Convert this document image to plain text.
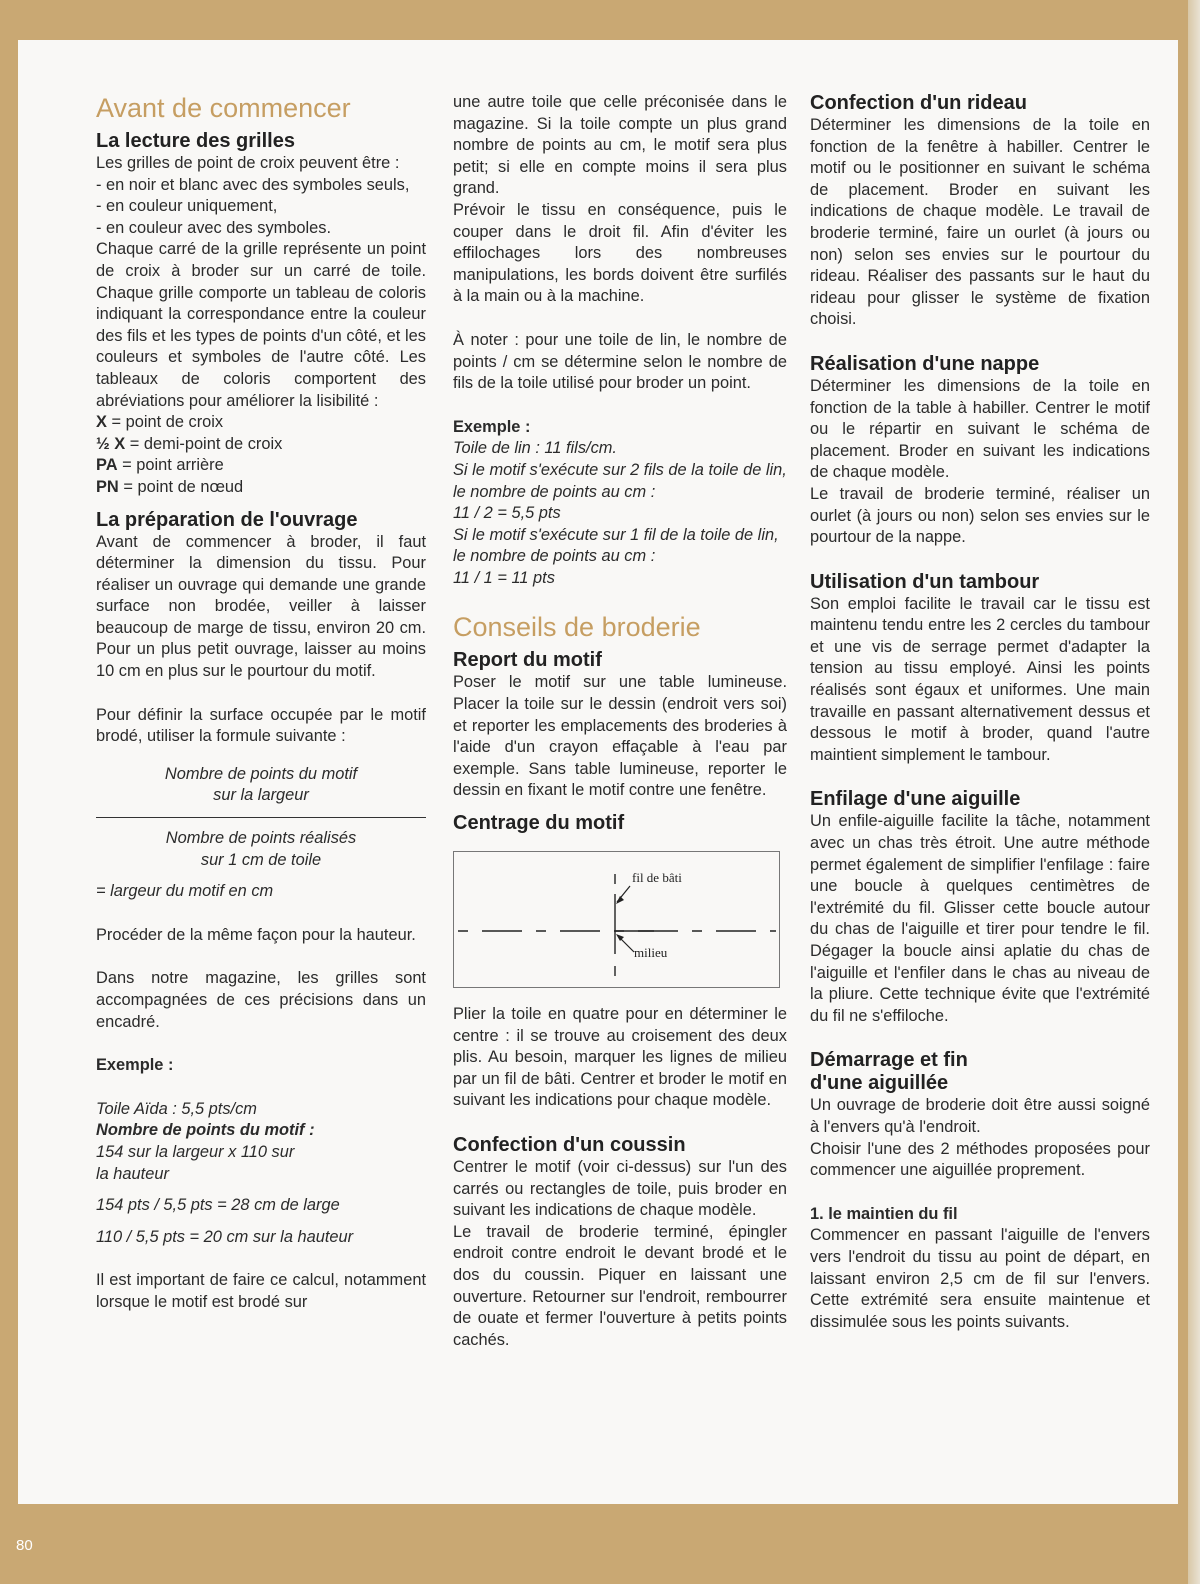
Avant de commencer
La lecture des grilles

Les grilles de point de croix peuvent être :

- en noir et blanc avec des symboles seuls,

- en couleur uniquement,

- en couleur avec des symboles.

Chaque carré de la grille représente un point de croix à broder sur un carré de toile. Chaque grille comporte un tableau de coloris indiquant la correspondance entre la couleur des fils et les types de points d'un côté, et les couleurs et symboles de l'autre côté. Les tableaux de coloris comportent des abréviations pour améliorer la lisibilité :

X = point de croix

½ X = demi-point de croix

PA = point arrière

PN = point de nœud

La préparation de l'ouvrage

Avant de commencer à broder, il faut déterminer la dimension du tissu. Pour réaliser un ouvrage qui demande une grande surface non brodée, veiller à laisser beaucoup de marge de tissu, environ 20 cm. Pour un plus petit ouvrage, laisser au moins 10 cm en plus sur le pourtour du motif.

Pour définir la surface occupée par le motif brodé, utiliser la formule suivante :

Nombre de points du motif
sur la largeur
Nombre de points réalisés
sur 1 cm de toile

= largeur du motif en cm

Procéder de la même façon pour la hauteur.

Dans notre magazine, les grilles sont accompagnées de ces précisions dans un encadré.

Exemple :

Toile Aïda : 5,5 pts/cm

Nombre de points du motif :

154 sur la largeur x 110 sur

la hauteur

154 pts / 5,5 pts = 28 cm de large

110 / 5,5 pts = 20 cm sur la hauteur

Il est important de faire ce calcul, notamment lorsque le motif est brodé sur

une autre toile que celle préconisée dans le magazine. Si la toile compte un plus grand nombre de points au cm, le motif sera plus petit; si elle en compte moins il sera plus grand.

Prévoir le tissu en conséquence, puis le couper dans le droit fil. Afin d'éviter les effilochages lors des nombreuses manipulations, les bords doivent être surfilés à la main ou à la machine.

À noter : pour une toile de lin, le nombre de points / cm se détermine selon le nombre de fils de la toile utilisé pour broder un point.

Exemple :

Toile de lin : 11 fils/cm.

Si le motif s'exécute sur 2 fils de la toile de lin, le nombre de points au cm :

11 / 2 = 5,5 pts

Si le motif s'exécute sur 1 fil de la toile de lin, le nombre de points au cm :

11 / 1 = 11 pts

Conseils de broderie
Report du motif

Poser le motif sur une table lumineuse. Placer la toile sur le dessin (endroit vers soi) et reporter les emplacements des broderies à l'aide d'un crayon effaçable à l'eau par exemple. Sans table lumineuse, reporter le dessin en fixant le motif contre une fenêtre.

Centrage du motif
fil de bâti
milieu

Plier la toile en quatre pour en déterminer le centre : il se trouve au croisement des deux plis. Au besoin, marquer les lignes de milieu par un fil de bâti. Centrer et broder le motif en suivant les indications pour chaque modèle.

Confection d'un coussin

Centrer le motif (voir ci-dessus) sur l'un des carrés ou rectangles de toile, puis broder en suivant les indications de chaque modèle.

Le travail de broderie terminé, épingler endroit contre endroit le devant brodé et le dos du coussin. Piquer en laissant une ouverture. Retourner sur l'endroit, rembourrer de ouate et fermer l'ouverture à petits points cachés.

Confection d'un rideau

Déterminer les dimensions de la toile en fonction de la fenêtre à habiller. Centrer le motif ou le positionner en suivant le schéma de placement. Broder en suivant les indications de chaque modèle. Le travail de broderie terminé, faire un ourlet (à jours ou non) selon ses envies sur le pourtour du rideau. Réaliser des passants sur le haut du rideau pour glisser le système de fixation choisi.

Réalisation d'une nappe

Déterminer les dimensions de la toile en fonction de la table à habiller. Centrer le motif ou le répartir en suivant le schéma de placement. Broder en suivant les indications de chaque modèle.

Le travail de broderie terminé, réaliser un ourlet (à jours ou non) selon ses envies sur le pourtour de la nappe.

Utilisation d'un tambour

Son emploi facilite le travail car le tissu est maintenu tendu entre les 2 cercles du tambour et une vis de serrage permet d'adapter la tension au tissu employé. Ainsi les points réalisés sont égaux et uniformes. Une main travaille en passant alternativement dessus et dessous le motif à broder, quand l'autre maintient simplement le tambour.

Enfilage d'une aiguille

Un enfile-aiguille facilite la tâche, notamment avec un chas très étroit. Une autre méthode permet également de simplifier l'enfilage : faire une boucle à quelques centimètres de l'extrémité du fil. Glisser cette boucle autour du chas de l'aiguille et tirer pour tendre le fil. Dégager la boucle ainsi aplatie du chas de l'aiguille et l'enfiler dans le chas au niveau de la pliure. Cette technique évite que l'extrémité du fil ne s'effiloche.

Démarrage et fin
d'une aiguillée

Un ouvrage de broderie doit être aussi soigné à l'envers qu'à l'endroit.

Choisir l'une des 2 méthodes proposées pour commencer une aiguillée proprement.

1. le maintien du fil

Commencer en passant l'aiguille de l'envers vers l'endroit du tissu au point de départ, en laissant environ 2,5 cm de fil sur l'envers. Cette extrémité sera ensuite maintenue et dissimulée sous les points suivants.

80
